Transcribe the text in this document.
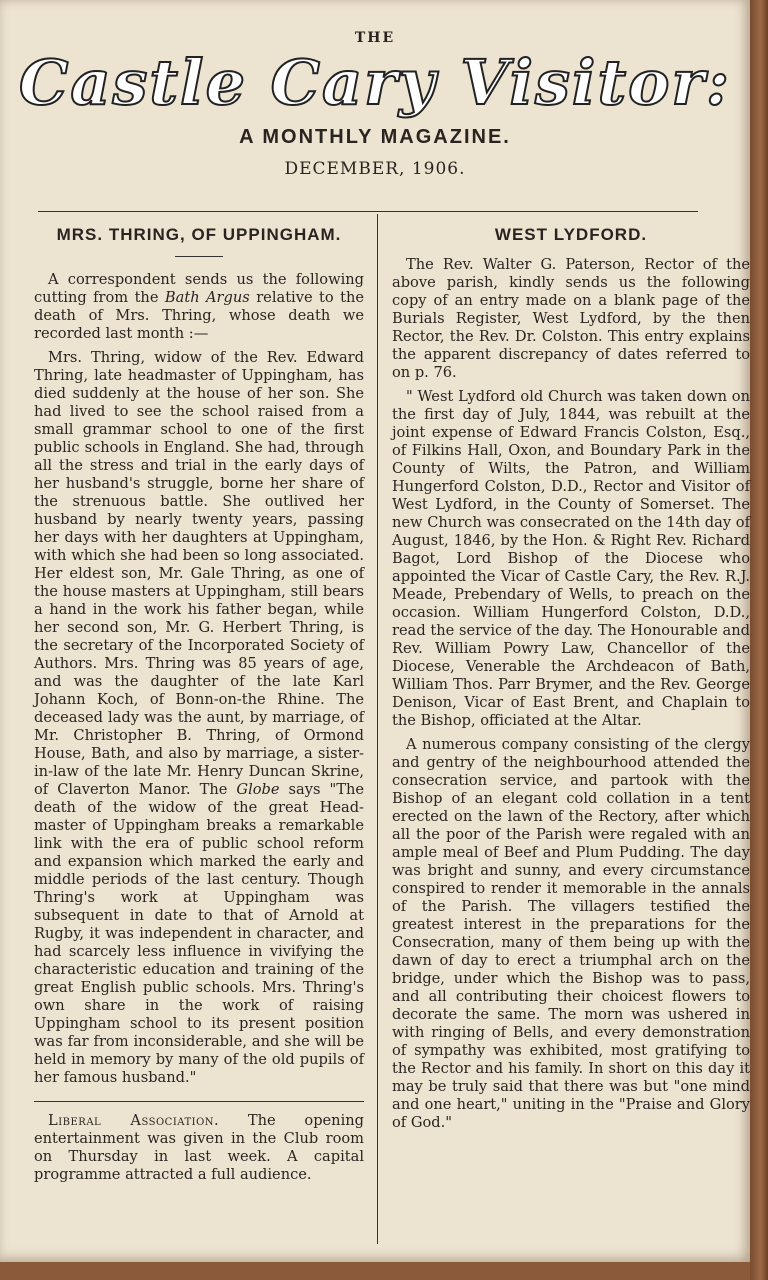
THE

Castle Cary Visitor:

A MONTHLY MAGAZINE.

DECEMBER, 1906.

MRS. THRING, OF UPPINGHAM.

A correspondent sends us the following cutting from the Bath Argus relative to the death of Mrs. Thring, whose death we recorded last month :—

Mrs. Thring, widow of the Rev. Edward Thring, late headmaster of Uppingham, has died suddenly at the house of her son. She had lived to see the school raised from a small grammar school to one of the first public schools in England. She had, through all the stress and trial in the early days of her husband's struggle, borne her share of the strenuous battle. She outlived her husband by nearly twenty years, passing her days with her daughters at Uppingham, with which she had been so long associated. Her eldest son, Mr. Gale Thring, as one of the house masters at Uppingham, still bears a hand in the work his father began, while her second son, Mr. G. Herbert Thring, is the secretary of the Incorporated Society of Authors. Mrs. Thring was 85 years of age, and was the daughter of the late Karl Johann Koch, of Bonn-on-the Rhine. The deceased lady was the aunt, by marriage, of Mr. Christopher B. Thring, of Ormond House, Bath, and also by marriage, a sister-in-law of the late Mr. Henry Duncan Skrine, of Claverton Manor. The Globe says "The death of the widow of the great Head-master of Uppingham breaks a remarkable link with the era of public school reform and expansion which marked the early and middle periods of the last century. Though Thring's work at Uppingham was subsequent in date to that of Arnold at Rugby, it was independent in character, and had scarcely less influence in vivifying the characteristic education and training of the great English public schools. Mrs. Thring's own share in the work of raising Uppingham school to its present position was far from inconsiderable, and she will be held in memory by many of the old pupils of her famous husband."

Liberal Association. The opening entertainment was given in the Club room on Thursday in last week. A capital programme attracted a full audience.

WEST LYDFORD.

The Rev. Walter G. Paterson, Rector of the above parish, kindly sends us the following copy of an entry made on a blank page of the Burials Register, West Lydford, by the then Rector, the Rev. Dr. Colston. This entry explains the apparent discrepancy of dates referred to on p. 76.

" West Lydford old Church was taken down on the first day of July, 1844, was rebuilt at the joint expense of Edward Francis Colston, Esq., of Filkins Hall, Oxon, and Boundary Park in the County of Wilts, the Patron, and William Hungerford Colston, D.D., Rector and Visitor of West Lydford, in the County of Somerset. The new Church was consecrated on the 14th day of August, 1846, by the Hon. & Right Rev. Richard Bagot, Lord Bishop of the Diocese who appointed the Vicar of Castle Cary, the Rev. R.J. Meade, Prebendary of Wells, to preach on the occasion. William Hungerford Colston, D.D., read the service of the day. The Honourable and Rev. William Powry Law, Chancellor of the Diocese, Venerable the Archdeacon of Bath, William Thos. Parr Brymer, and the Rev. George Denison, Vicar of East Brent, and Chaplain to the Bishop, officiated at the Altar.

A numerous company consisting of the clergy and gentry of the neighbourhood attended the consecration service, and partook with the Bishop of an elegant cold collation in a tent erected on the lawn of the Rectory, after which all the poor of the Parish were regaled with an ample meal of Beef and Plum Pudding. The day was bright and sunny, and every circumstance conspired to render it memorable in the annals of the Parish. The villagers testified the greatest interest in the preparations for the Consecration, many of them being up with the dawn of day to erect a triumphal arch on the bridge, under which the Bishop was to pass, and all contributing their choicest flowers to decorate the same. The morn was ushered in with ringing of Bells, and every demonstration of sympathy was exhibited, most gratifying to the Rector and his family. In short on this day it may be truly said that there was but "one mind and one heart," uniting in the "Praise and Glory of God."
